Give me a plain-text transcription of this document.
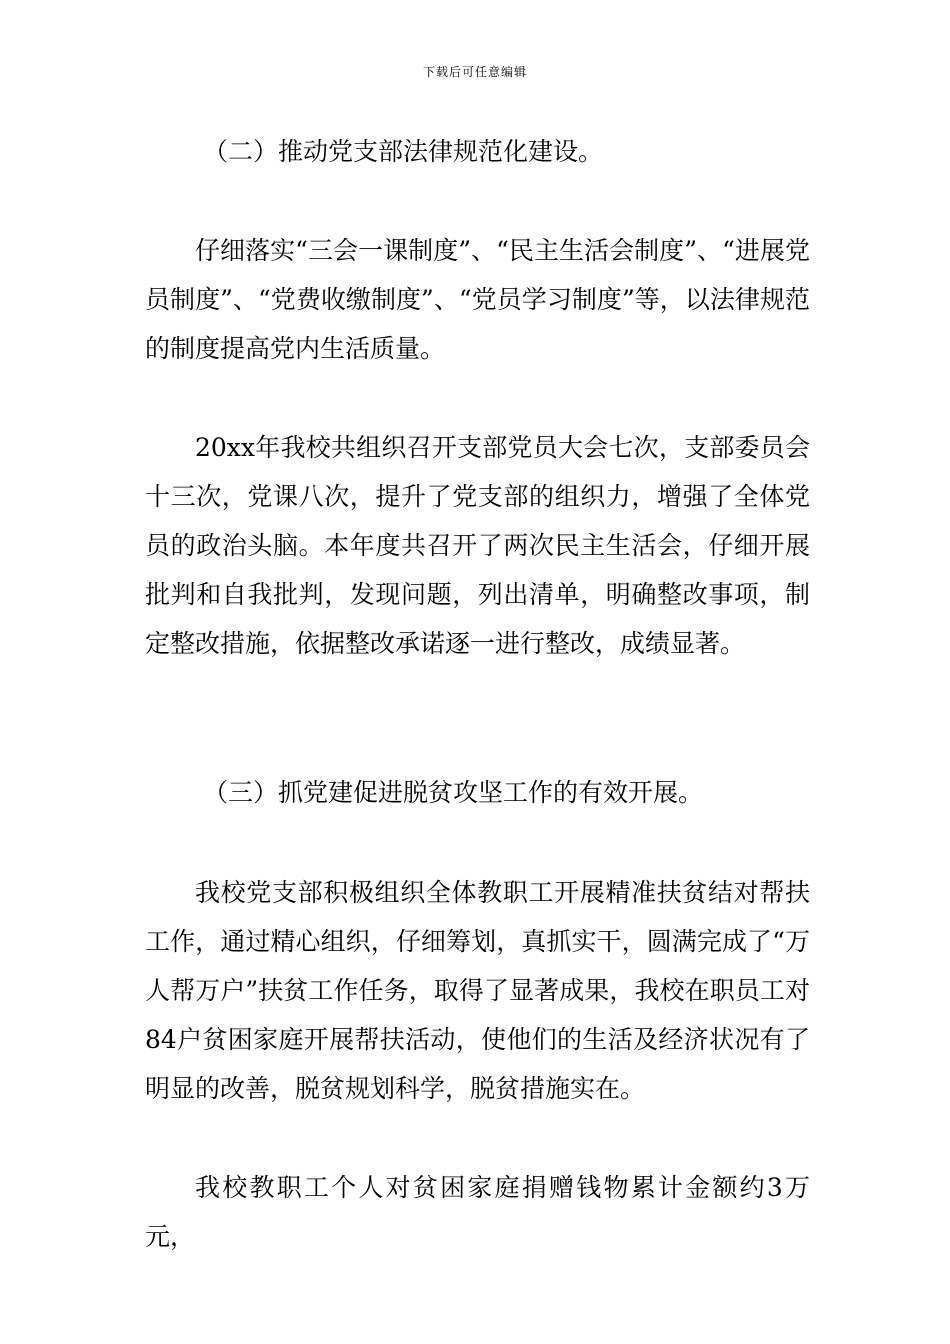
下载后可任意编辑

（二）推动党支部法律规范化建设。

仔细落实“三会一课制度”、“民主生活会制度”、“进展党员制度”、“党费收缴制度”、“党员学习制度”等，以法律规范的制度提高党内生活质量。

20xx年我校共组织召开支部党员大会七次，支部委员会十三次，党课八次，提升了党支部的组织力，增强了全体党员的政治头脑。本年度共召开了两次民主生活会，仔细开展批判和自我批判，发现问题，列出清单，明确整改事项，制定整改措施，依据整改承诺逐一进行整改，成绩显著。

（三）抓党建促进脱贫攻坚工作的有效开展。

我校党支部积极组织全体教职工开展精准扶贫结对帮扶工作，通过精心组织，仔细筹划，真抓实干，圆满完成了“万人帮万户”扶贫工作任务，取得了显著成果，我校在职员工对84户贫困家庭开展帮扶活动，使他们的生活及经济状况有了明显的改善，脱贫规划科学，脱贫措施实在。

我校教职工个人对贫困家庭捐赠钱物累计金额约3万元，
